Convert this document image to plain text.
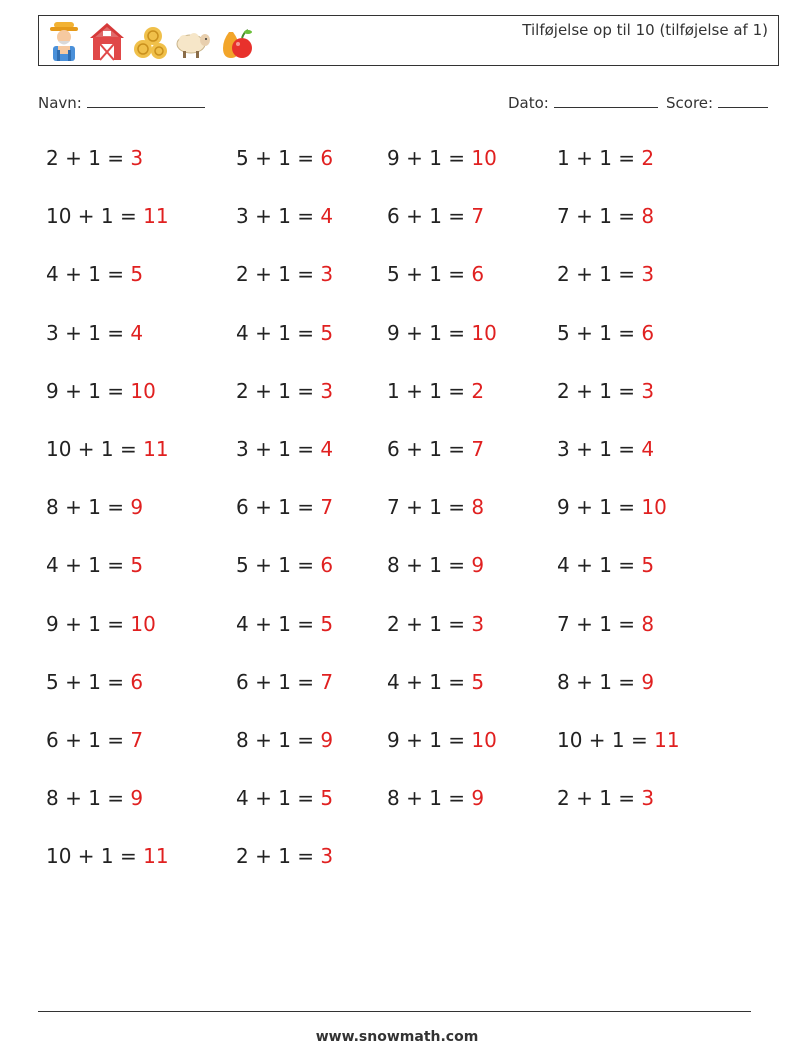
Tilføjelse op til 10 (tilføjelse af 1)
Navn:	Dato:	Score:
2 + 1 = 3
10 + 1 = 11
4 + 1 = 5
3 + 1 = 4
9 + 1 = 10
10 + 1 = 11
8 + 1 = 9
4 + 1 = 5
9 + 1 = 10
5 + 1 = 6
6 + 1 = 7
8 + 1 = 9
10 + 1 = 11
5 + 1 = 6
3 + 1 = 4
2 + 1 = 3
4 + 1 = 5
2 + 1 = 3
3 + 1 = 4
6 + 1 = 7
5 + 1 = 6
4 + 1 = 5
6 + 1 = 7
8 + 1 = 9
4 + 1 = 5
2 + 1 = 3
9 + 1 = 10
6 + 1 = 7
5 + 1 = 6
9 + 1 = 10
1 + 1 = 2
6 + 1 = 7
7 + 1 = 8
8 + 1 = 9
2 + 1 = 3
4 + 1 = 5
9 + 1 = 10
8 + 1 = 9
1 + 1 = 2
7 + 1 = 8
2 + 1 = 3
5 + 1 = 6
2 + 1 = 3
3 + 1 = 4
9 + 1 = 10
4 + 1 = 5
7 + 1 = 8
8 + 1 = 9
10 + 1 = 11
2 + 1 = 3
www.snowmath.com
